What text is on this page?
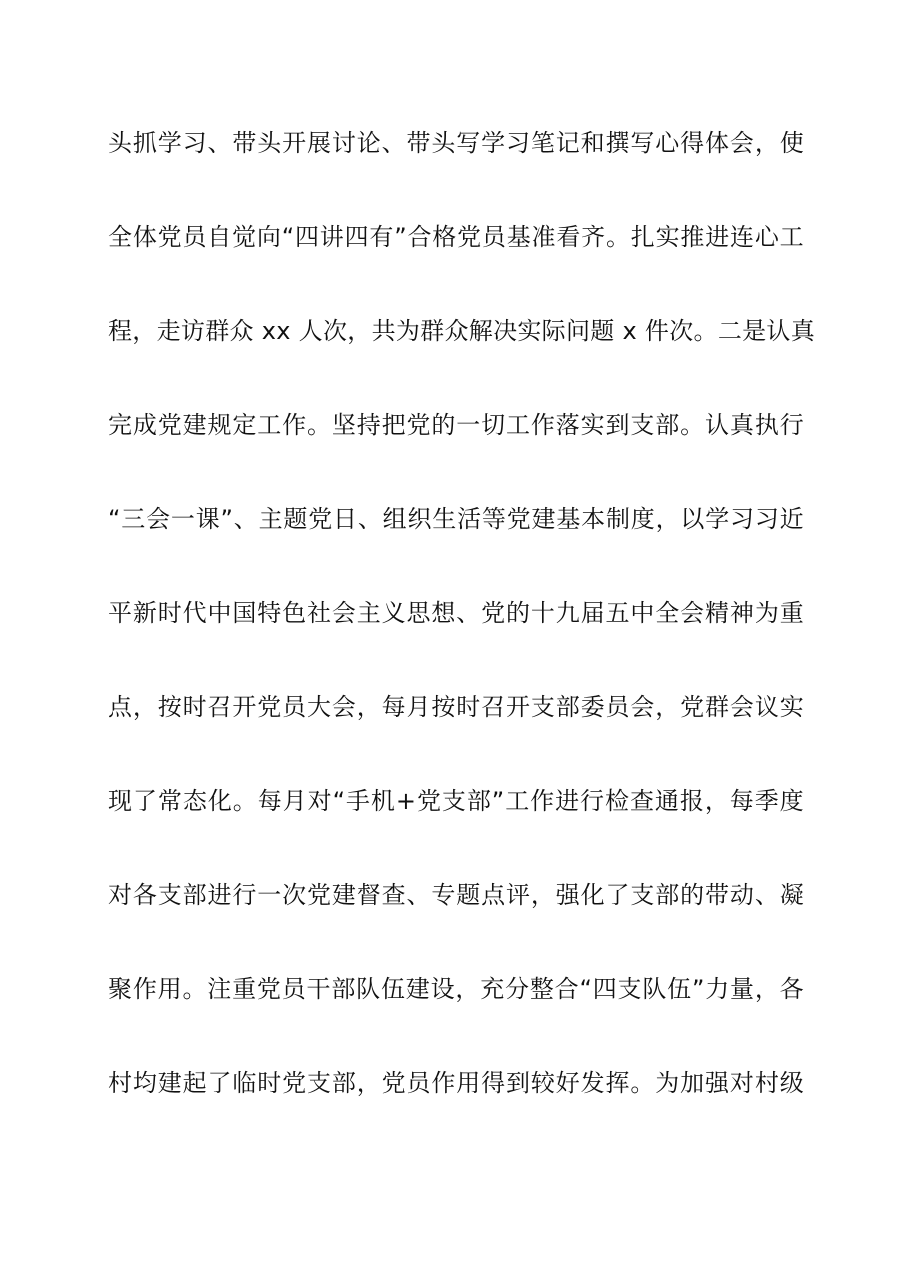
头抓学习、带头开展讨论、带头写学习笔记和撰写心得体会，使
全体党员自觉向“四讲四有”合格党员基准看齐。扎实推进连心工
程，走访群众 xx 人次，共为群众解决实际问题 x 件次。二是认真
完成党建规定工作。坚持把党的一切工作落实到支部。认真执行
“三会一课”、主题党日、组织生活等党建基本制度，以学习习近
平新时代中国特色社会主义思想、党的十九届五中全会精神为重
点，按时召开党员大会，每月按时召开支部委员会，党群会议实
现了常态化。每月对“手机+党支部”工作进行检查通报，每季度
对各支部进行一次党建督查、专题点评，强化了支部的带动、凝
聚作用。注重党员干部队伍建设，充分整合“四支队伍”力量，各
村均建起了临时党支部，党员作用得到较好发挥。为加强对村级
